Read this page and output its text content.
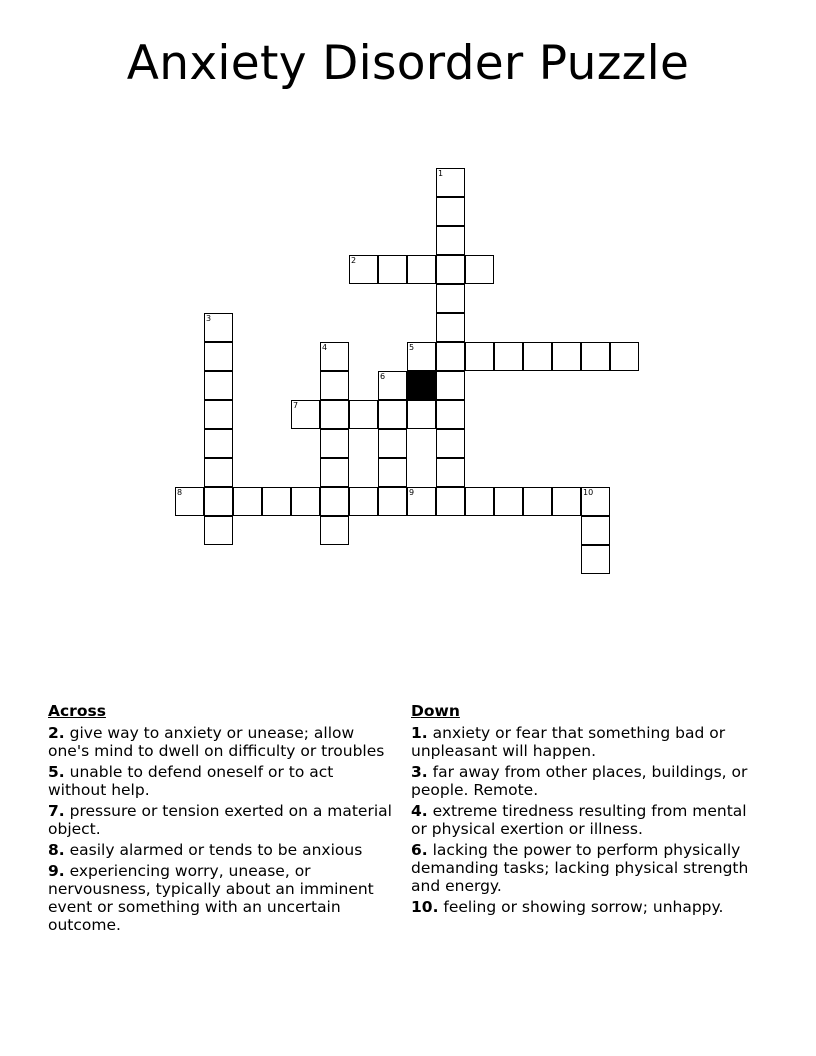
Anxiety Disorder Puzzle
1
2
3
4	5
6
7
8	9	10
Across
2. give way to anxiety or unease; allow one's mind to dwell on difficulty or troubles
5. unable to defend oneself or to act without help.
7. pressure or tension exerted on a material object.
8. easily alarmed or tends to be anxious
9. experiencing worry, unease, or nervousness, typically about an imminent event or something with an uncertain outcome.
Down
1. anxiety or fear that something bad or unpleasant will happen.
3. far away from other places, buildings, or people. Remote.
4. extreme tiredness resulting from mental or physical exertion or illness.
6. lacking the power to perform physically demanding tasks; lacking physical strength and energy.
10. feeling or showing sorrow; unhappy.
